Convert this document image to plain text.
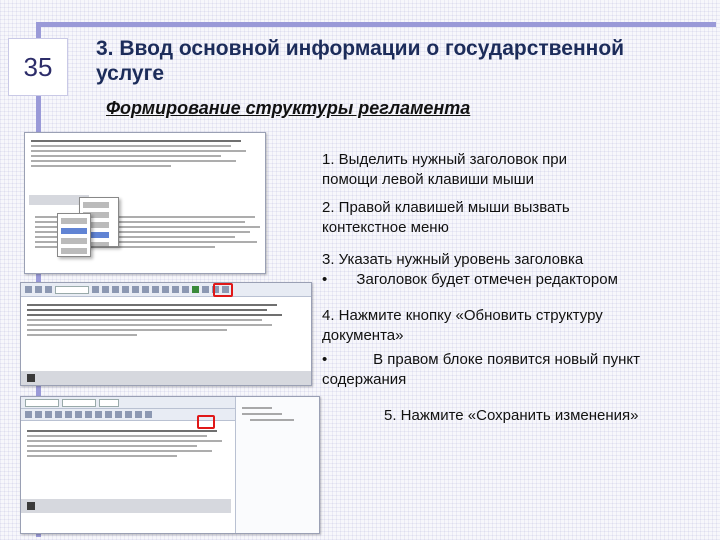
35
3. Ввод основной информации о государственной услуге
Формирование структуры регламента
1. Выделить нужный заголовок при помощи левой клавиши мыши
2. Правой клавишей мыши вызвать контекстное меню
3. Указать нужный уровень заголовка
•       Заголовок будет отмечен редактором
4. Нажмите кнопку «Обновить структуру документа»
•           В правом блоке появится новый пункт содержания
5. Нажмите «Сохранить изменения»
